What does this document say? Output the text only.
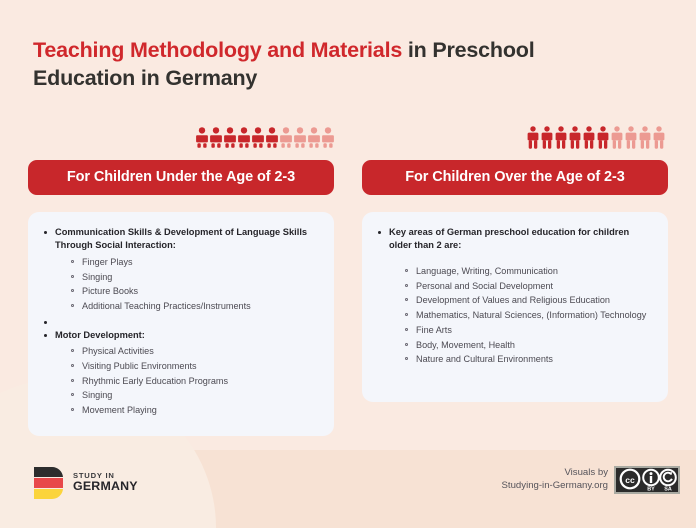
Teaching Methodology and Materials in Preschool Education in Germany
For Children Under the Age of 2-3
Communication Skills & Development of Language Skills Through Social Interaction:
Finger Plays
Singing
Picture Books
Additional Teaching Practices/Instruments
Motor Development:
Physical Activities
Visiting Public Environments
Rhythmic Early Education Programs
Singing
Movement Playing
For Children Over the Age of 2-3
Key areas of German preschool education for children older than 2 are:
Language, Writing, Communication
Personal and Social Development
Development of Values and Religious Education
Mathematics, Natural Sciences, (Information) Technology
Fine Arts
Body, Movement, Health
Nature and Cultural Environments
STUDY IN
GERMANY
Visuals by
Studying-in-Germany.org
cc
BY SA
